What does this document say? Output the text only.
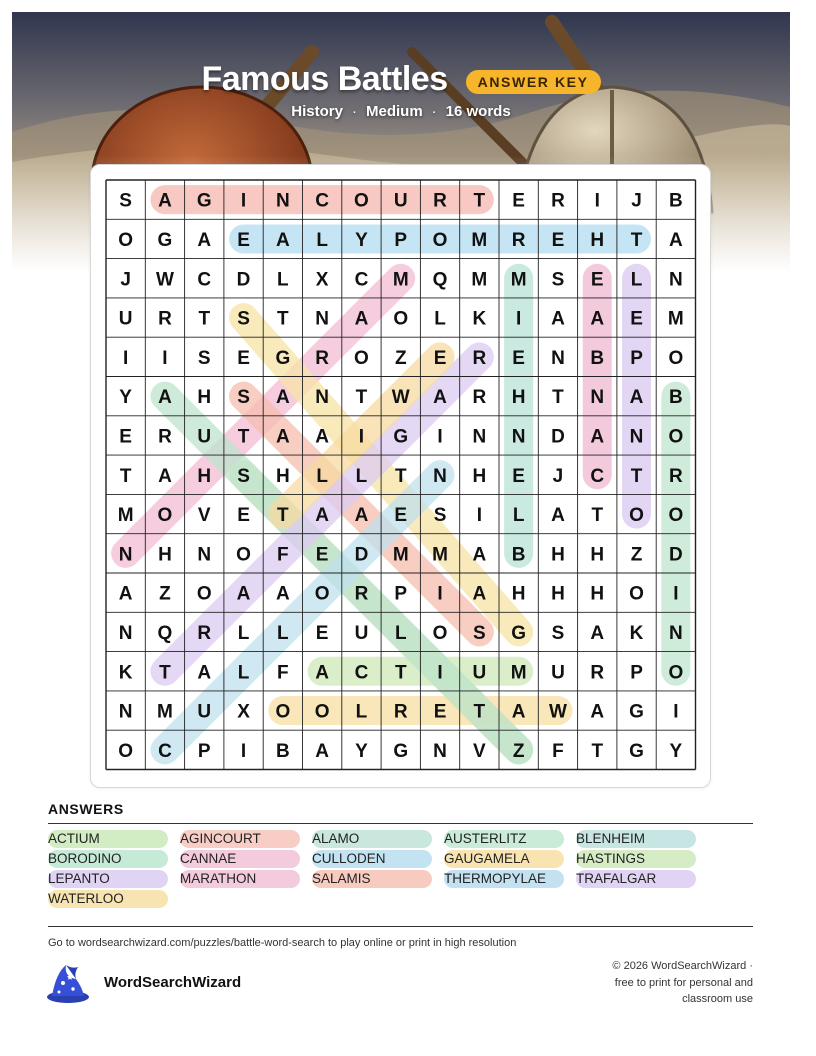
Famous Battles ANSWER KEY
History · Medium · 16 words
S A G I N C O U R T E R I J B
O G A E A L Y P O M R E H T A
J W C D L X C M Q M M S E L N
U R T S T N A O L K I A A E M
I I S E G R O Z E R E N B P O
Y A H S A N T W A R H T N A B
E R U T A A I G I N N D A N O
T A H S H L L T N H E J C T R
M O V E T A A E S I L A T O O
N H N O F E D M M A B H H Z D
A Z O A A O R P I A H H H O I
N Q R L L E U L O S G S A K N
K T A L F A C T I U M U R P O
N M U X O O L R E T A W A G I
O C P I B A Y G N V Z F T G Y
ANSWERS
ACTIUM	AGINCOURT	ALAMO	AUSTERLITZ	BLENHEIM
BORODINO	CANNAE	CULLODEN	GAUGAMELA	HASTINGS
LEPANTO	MARATHON	SALAMIS	THERMOPYLAE	TRAFALGAR
WATERLOO
Go to wordsearchwizard.com/puzzles/battle-word-search to play online or print in high resolution
WordSearchWizard
© 2026 WordSearchWizard ·
free to print for personal and
classroom use
